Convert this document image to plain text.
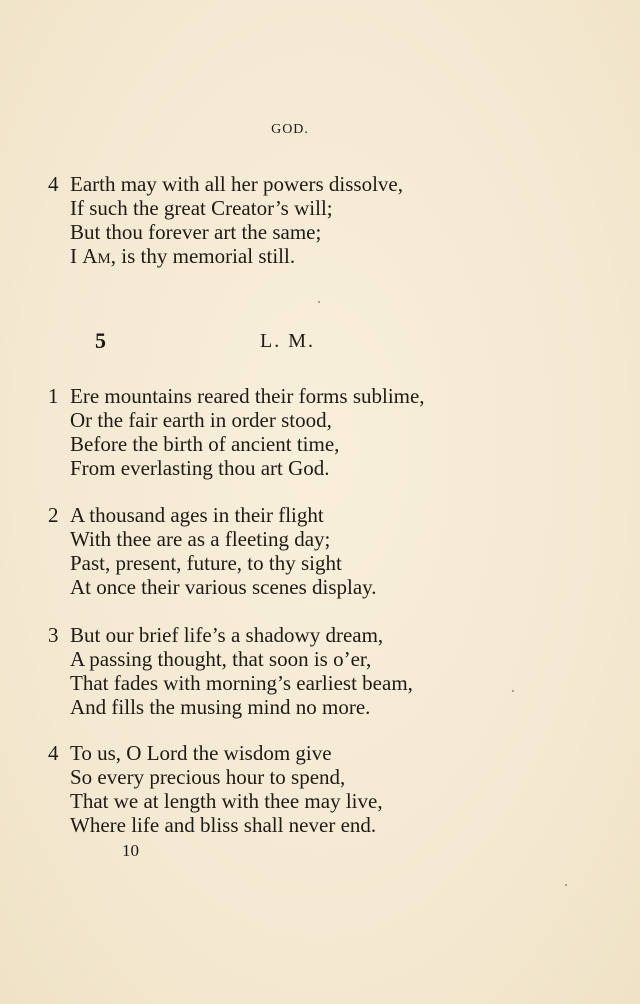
GOD.
4 Earth may with all her powers dissolve,
If such the great Creator’s will;
But thou forever art the same;
I Am, is thy memorial still.
5	L. M.
1 Ere mountains reared their forms sublime,
Or the fair earth in order stood,
Before the birth of ancient time,
From everlasting thou art God.
2 A thousand ages in their flight
With thee are as a fleeting day;
Past, present, future, to thy sight
At once their various scenes display.
3 But our brief life’s a shadowy dream,
A passing thought, that soon is o’er,
That fades with morning’s earliest beam,
And fills the musing mind no more.
4 To us, O Lord the wisdom give
So every precious hour to spend,
That we at length with thee may live,
Where life and bliss shall never end.
10
